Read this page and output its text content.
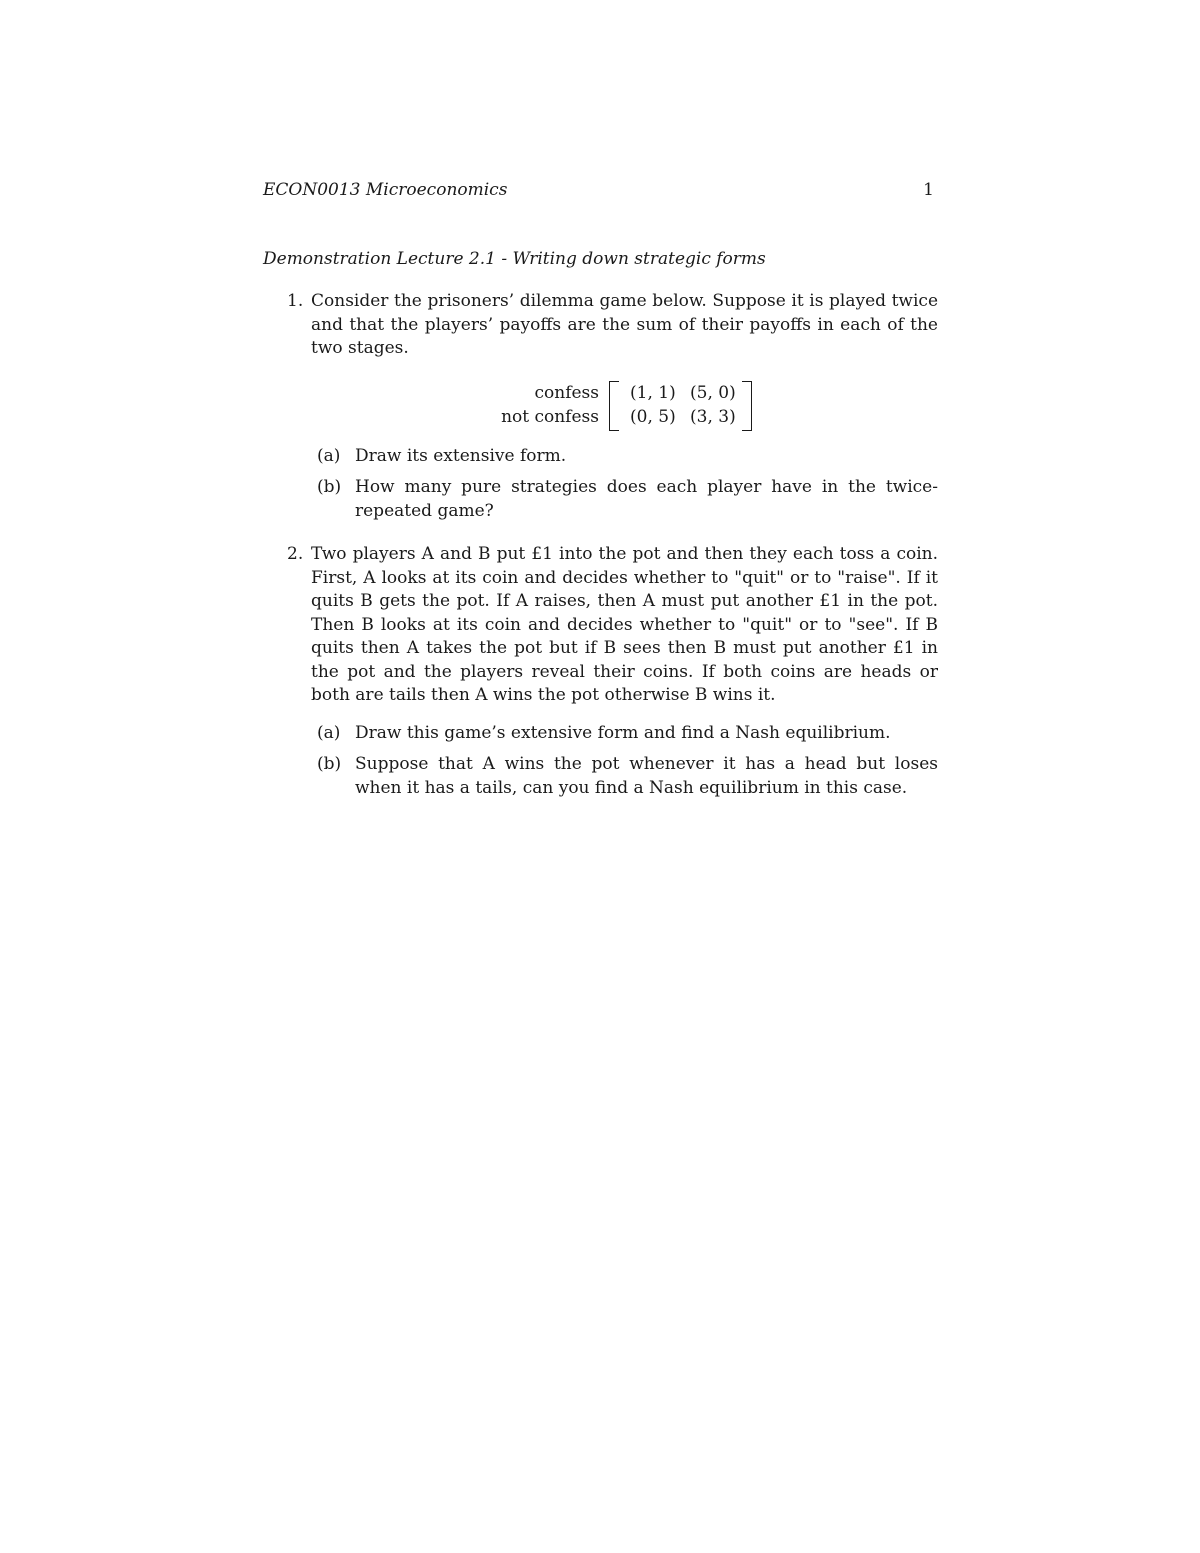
ECON0013 Microeconomics	1
Demonstration Lecture 2.1 - Writing down strategic forms
1. Consider the prisoners’ dilemma game below. Suppose it is played twice and that the players’ payoffs are the sum of their payoffs in each of the two stages.
confess
not confess
(1, 1) (5, 0)
(0, 5) (3, 3)
(a) Draw its extensive form.
(b) How many pure strategies does each player have in the twice-repeated game?
2. Two players A and B put £1 into the pot and then they each toss a coin. First, A looks at its coin and decides whether to "quit" or to "raise". If it quits B gets the pot. If A raises, then A must put another £1 in the pot. Then B looks at its coin and decides whether to "quit" or to "see". If B quits then A takes the pot but if B sees then B must put another £1 in the pot and the players reveal their coins. If both coins are heads or both are tails then A wins the pot otherwise B wins it.
(a) Draw this game’s extensive form and find a Nash equilibrium.
(b) Suppose that A wins the pot whenever it has a head but loses when it has a tails, can you find a Nash equilibrium in this case.
